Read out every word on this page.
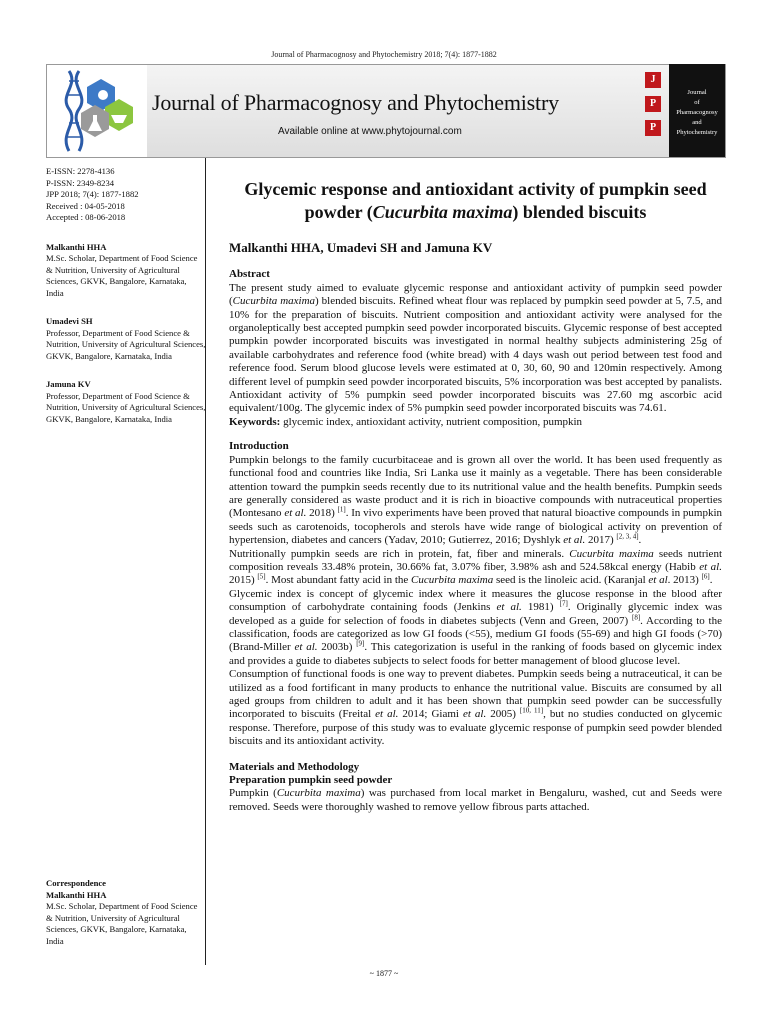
Journal of Pharmacognosy and Phytochemistry 2018; 7(4): 1877-1882
Journal of Pharmacognosy and Phytochemistry
Available online at www.phytojournal.com
J
P
P
Journal
of
Pharmacognosy
and
Phytochemistry
E-ISSN: 2278-4136
P-ISSN: 2349-8234
JPP 2018; 7(4): 1877-1882
Received : 04-05-2018
Accepted : 08-06-2018
Malkanthi HHA
M.Sc. Scholar, Department of Food Science & Nutrition, University of Agricultural Sciences, GKVK, Bangalore, Karnataka, India
Umadevi SH
Professor, Department of Food Science & Nutrition, University of Agricultural Sciences, GKVK, Bangalore, Karnataka, India
Jamuna KV
Professor, Department of Food Science & Nutrition, University of Agricultural Sciences, GKVK, Bangalore, Karnataka, India
Correspondence
Malkanthi HHA
M.Sc. Scholar, Department of Food Science & Nutrition, University of Agricultural Sciences, GKVK, Bangalore, Karnataka, India
Glycemic response and antioxidant activity of pumpkin seed powder (Cucurbita maxima) blended biscuits
Malkanthi HHA, Umadevi SH and Jamuna KV
Abstract

The present study aimed to evaluate glycemic response and antioxidant activity of pumpkin seed powder (Cucurbita maxima) blended biscuits. Refined wheat flour was replaced by pumpkin seed powder at 5, 7.5, and 10% for the preparation of biscuits. Nutrient composition and antioxidant activity were analysed for the organoleptically best accepted pumpkin seed powder incorporated biscuits. Glycemic response of best accepted pumpkin powder incorporated biscuits was investigated in normal healthy subjects administering 25g of available carbohydrates and reference food (white bread) with 4 days wash out period between test food and reference food. Serum blood glucose levels were estimated at 0, 30, 60, 90 and 120min respectively. Among different level of pumpkin seed powder incorporated biscuits, 5% incorporation was best accepted by panalists. Antioxidant activity of 5% pumpkin seed powder incorporated biscuits was 27.60 mg ascorbic acid equivalent/100g. The glycemic index of 5% pumpkin seed powder incorporated biscuits was 74.61.

Keywords: glycemic index, antioxidant activity, nutrient composition, pumpkin

Introduction

Pumpkin belongs to the family cucurbitaceae and is grown all over the world. It has been used frequently as functional food and countries like India, Sri Lanka use it mainly as a vegetable. There has been considerable attention toward the pumpkin seeds recently due to its nutritional value and the health benefits. Pumpkin seeds are generally considered as waste product and it is rich in bioactive compounds with nutraceutical properties (Montesano et al. 2018) [1]. In vivo experiments have been proved that natural bioactive compounds in pumpkin seeds such as carotenoids, tocopherols and sterols have wide range of biological activity on prevention of hypertension, diabetes and cancers (Yadav, 2010; Gutierrez, 2016; Dyshlyk et al. 2017) [2, 3, 4].

Nutritionally pumpkin seeds are rich in protein, fat, fiber and minerals. Cucurbita maxima seeds nutrient composition reveals 33.48% protein, 30.66% fat, 3.07% fiber, 3.98% ash and 524.58kcal energy (Habib et al. 2015) [5]. Most abundant fatty acid in the Cucurbita maxima seed is the linoleic acid. (Karanjal et al. 2013) [6].

Glycemic index is concept of glycemic index where it measures the glucose response in the blood after consumption of carbohydrate containing foods (Jenkins et al. 1981) [7]. Originally glycemic index was developed as a guide for selection of foods in diabetes subjects (Venn and Green, 2007) [8]. According to the classification, foods are categorized as low GI foods (<55), medium GI foods (55-69) and high GI foods (>70) (Brand-Miller et al. 2003b) [9]. This categorization is useful in the ranking of foods based on glycemic index and provides a guide to diabetes subjects to select foods for better management of blood glucose level.

Consumption of functional foods is one way to prevent diabetes. Pumpkin seeds being a nutraceutical, it can be utilized as a food fortificant in many products to enhance the nutritional value. Biscuits are consumed by all aged groups from children to adult and it has been shown that pumpkin seed powder can be successfully incorporated to biscuits (Freital et al. 2014; Giami et al. 2005) [10, 11], but no studies conducted on glycemic response. Therefore, purpose of this study was to evaluate glycemic response of pumpkin seed powder blended biscuits and its antioxidant activity.

Materials and Methodology
Preparation pumpkin seed powder

Pumpkin (Cucurbita maxima) was purchased from local market in Bengaluru, washed, cut and Seeds were removed. Seeds were thoroughly washed to remove yellow fibrous parts attached.

~ 1877 ~
